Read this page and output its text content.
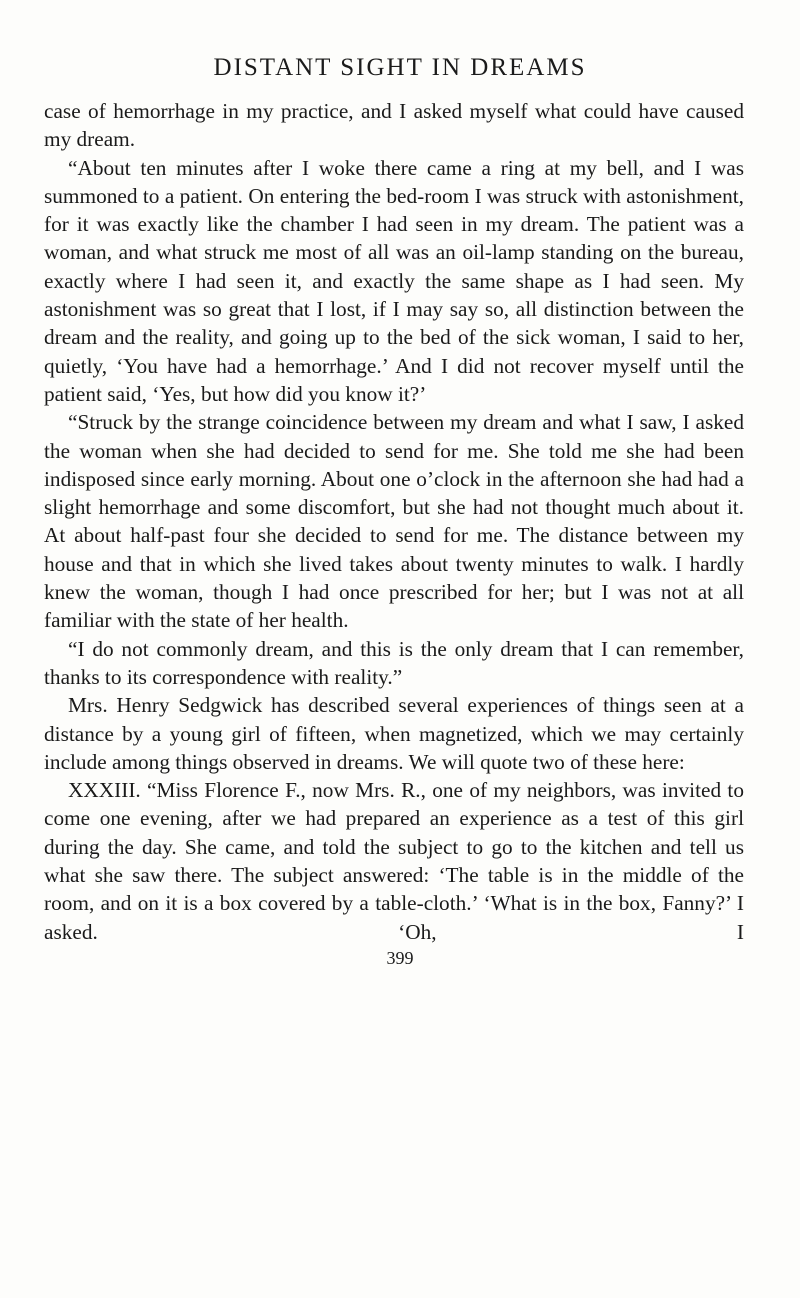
DISTANT SIGHT IN DREAMS

case of hemorrhage in my practice, and I asked myself what could have caused my dream.

“About ten minutes after I woke there came a ring at my bell, and I was summoned to a patient. On entering the bed-room I was struck with astonishment, for it was exactly like the chamber I had seen in my dream. The patient was a woman, and what struck me most of all was an oil-lamp standing on the bureau, exactly where I had seen it, and exactly the same shape as I had seen. My astonishment was so great that I lost, if I may say so, all distinction between the dream and the reality, and going up to the bed of the sick woman, I said to her, quietly, ‘You have had a hemorrhage.’ And I did not recover myself until the patient said, ‘Yes, but how did you know it?’

“Struck by the strange coincidence between my dream and what I saw, I asked the woman when she had decided to send for me. She told me she had been indisposed since early morning. About one o’clock in the afternoon she had had a slight hemorrhage and some discomfort, but she had not thought much about it. At about half-past four she decided to send for me. The distance between my house and that in which she lived takes about twenty minutes to walk. I hardly knew the woman, though I had once prescribed for her; but I was not at all familiar with the state of her health.

“I do not commonly dream, and this is the only dream that I can remember, thanks to its correspondence with reality.”

Mrs. Henry Sedgwick has described several experiences of things seen at a distance by a young girl of fifteen, when magnetized, which we may certainly include among things observed in dreams. We will quote two of these here:

XXXIII. “Miss Florence F., now Mrs. R., one of my neighbors, was invited to come one evening, after we had prepared an experience as a test of this girl during the day. She came, and told the subject to go to the kitchen and tell us what she saw there. The subject answered: ‘The table is in the middle of the room, and on it is a box covered by a table-cloth.’ ‘What is in the box, Fanny?’ I asked. ‘Oh, I

399
